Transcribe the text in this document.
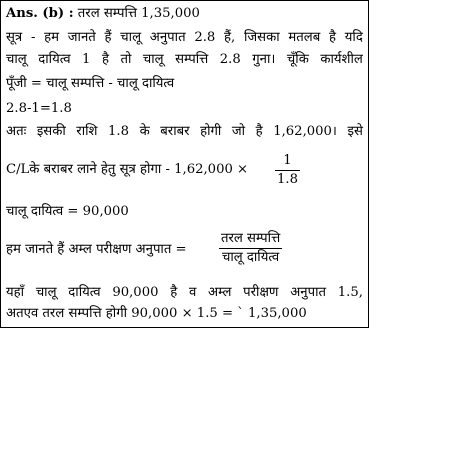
Ans. (b) : तरल सम्पत्ति 1,35,000
सूत्र - हम जानते हैं चालू अनुपात 2.8 हैं, जिसका मतलब है यदि
चालू दायित्व 1 है तो चालू सम्पत्ति 2.8 गुना। चूँकि कार्यशील
पूँजी = चालू सम्पत्ति - चालू दायित्व
2.8-1=1.8
अतः इसकी राशि 1.8 के बराबर होगी जो है 1,62,000। इसे
C/Lके बराबर लाने हेतु सूत्र होगा - 1,62,000 ×
1
1.8
चालू दायित्व = 90,000
हम जानते हैं अम्ल परीक्षण अनुपात =
तरल सम्पत्ति
चालू दायित्व
यहाँ चालू दायित्व 90,000 है व अम्ल परीक्षण अनुपात 1.5,
अतएव तरल सम्पत्ति होगी 90,000 × 1.5 = ` 1,35,000
